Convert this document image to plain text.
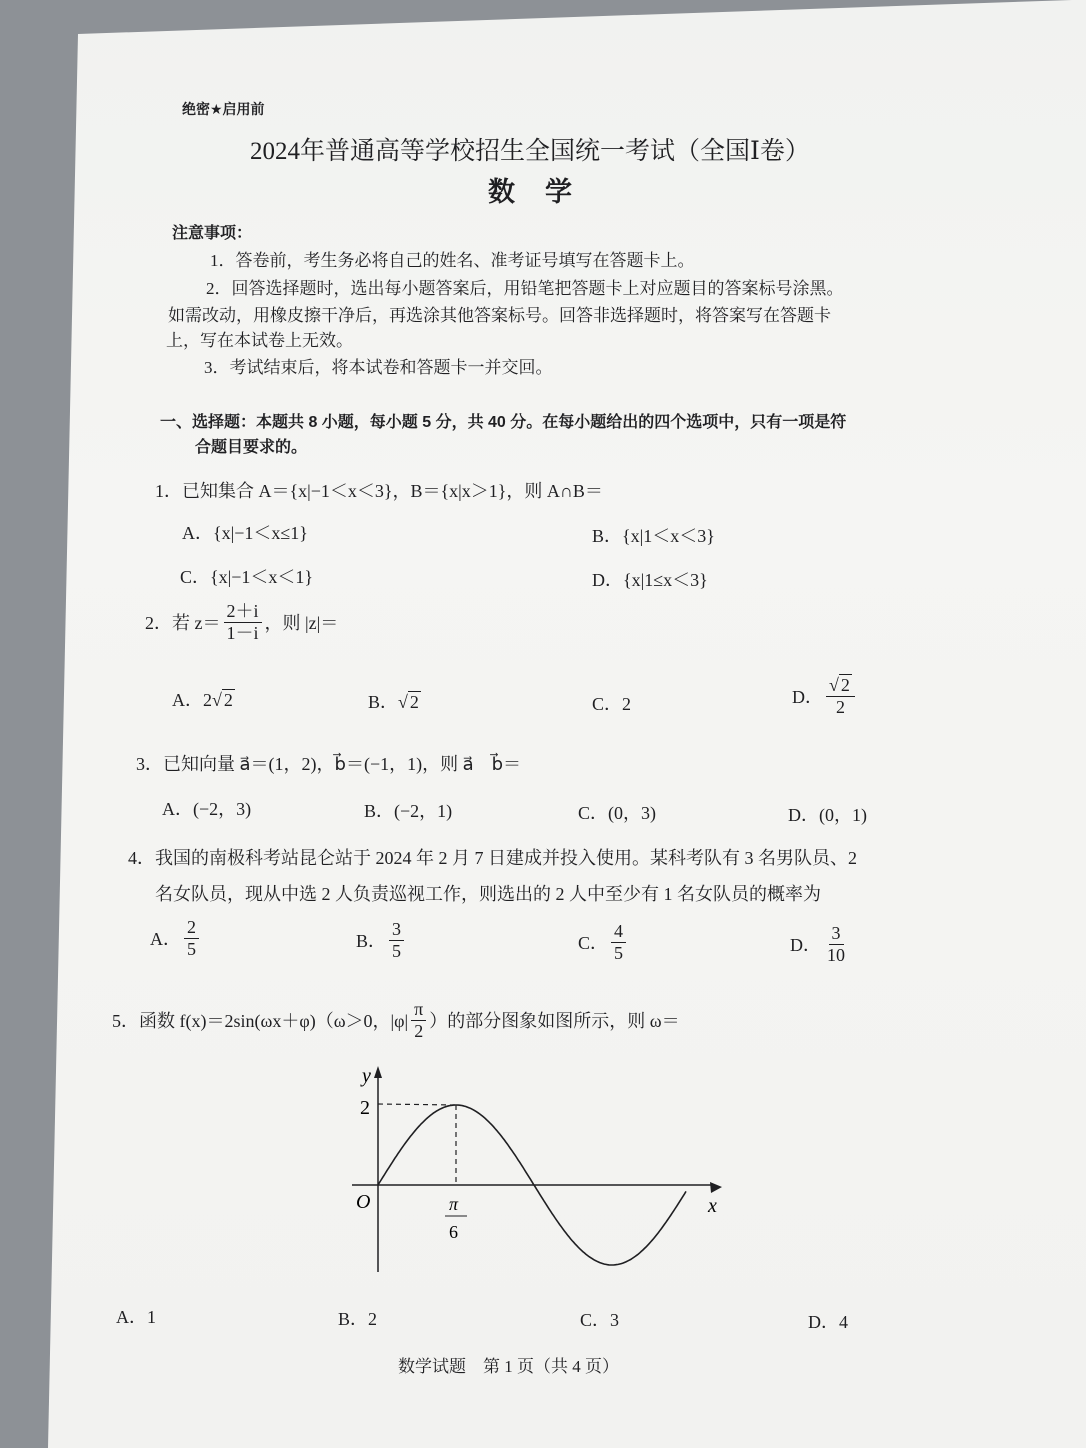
绝密★启用前
2024年普通高等学校招生全国统一考试（全国Ⅰ卷）
数    学
注意事项：
1．答卷前，考生务必将自己的姓名、准考证号填写在答题卡上。
2．回答选择题时，选出每小题答案后，用铅笔把答题卡上对应题目的答案标号涂黑。
如需改动，用橡皮擦干净后，再选涂其他答案标号。回答非选择题时，将答案写在答题卡
上，写在本试卷上无效。
3．考试结束后，将本试卷和答题卡一并交回。
一、选择题：本题共 8 小题，每小题 5 分，共 40 分。在每小题给出的四个选项中，只有一项是符
合题目要求的。
1．已知集合 A＝{x|−1＜x＜3}，B＝{x|x＞1}，则 A∩B＝
A．{x|−1＜x≤1}	B．{x|1＜x＜3}
C．{x|−1＜x＜1}	D．{x|1≤x＜3}
2．若 $z= \frac{2+i}{1-i}$ ，则 |z|＝
A．2√ 2	B．√ 2	C．2	D． $\frac{√ 2}{2}$
3．已知向量 a⃗＝(1，2)，b⃗＝(−1，1)，则 a⃗　b⃗＝
A．(−2，3)	B．(−2，1)	C．(0，3)	D．(0，1)
4．我国的南极科考站昆仑站于 2024 年 2 月 7 日建成并投入使用。某科考队有 3 名男队员、2
名女队员，现从中选 2 人负责巡视工作，则选出的 2 人中至少有 1 名女队员的概率为
A． $\frac{2}{5}$	B． $\frac{3}{5}$	C． $\frac{4}{5}$	D． $\frac{3}{10}$
5．函数 f(x)＝2sin(ωx＋φ)（ω＞0，$|\varphi| \frac{\pi}{2}$ ）的部分图象如图所示，则 ω＝
y
x
O
2
π
6
A．1	B．2	C．3	D．4
数学试题　第 1 页（共 4 页）
